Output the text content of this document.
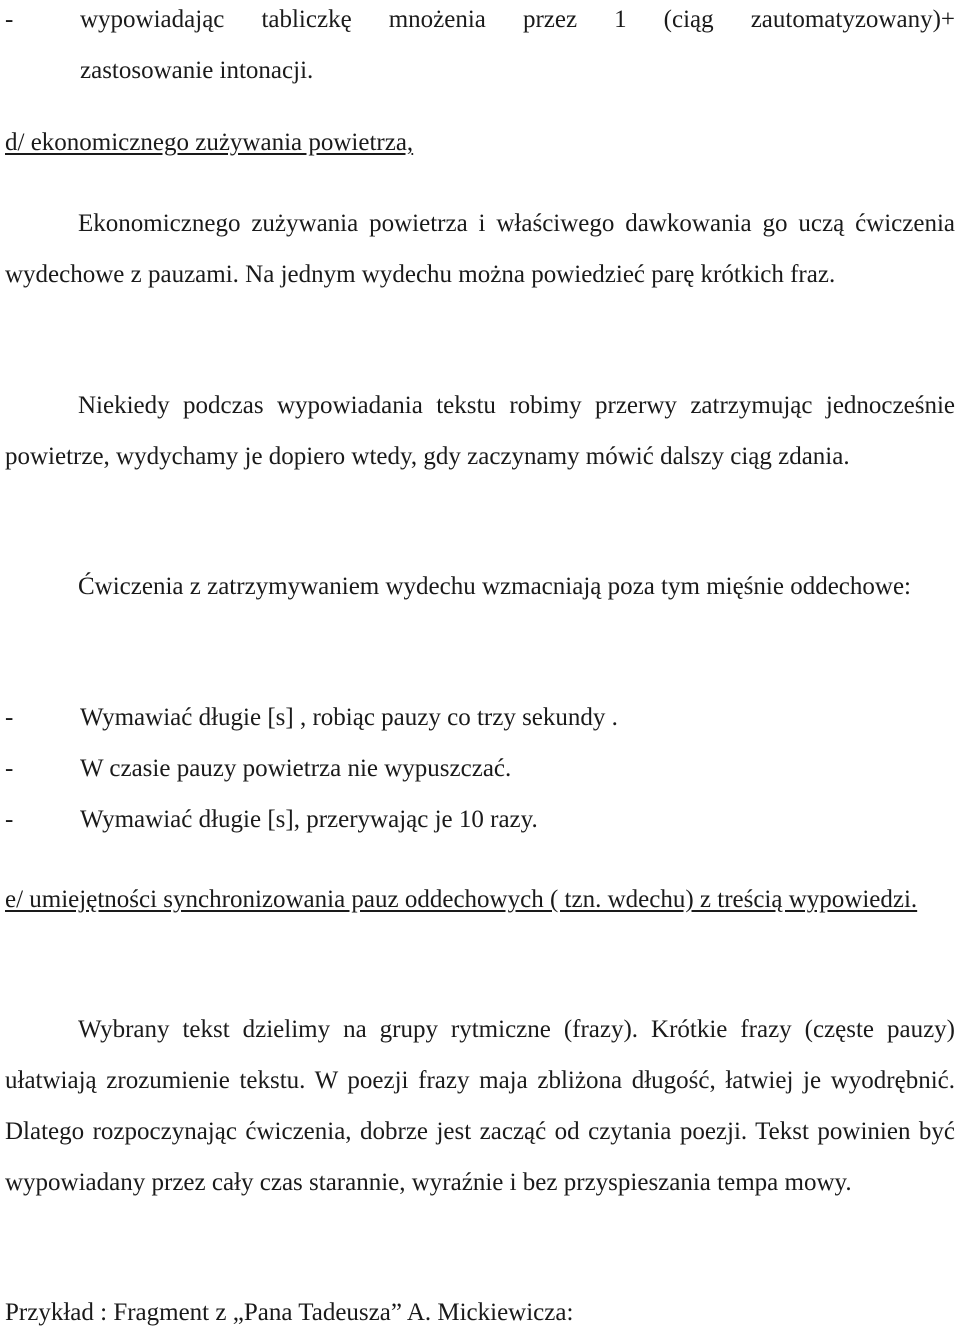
-	wypowiadając tabliczkę mnożenia przez 1 (ciąg zautomatyzowany)+
zastosowanie intonacji.
d/ ekonomicznego zużywania powietrza,
Ekonomicznego zużywania powietrza i właściwego dawkowania go uczą ćwiczenia wydechowe z pauzami. Na jednym wydechu można powiedzieć parę krótkich fraz.
Niekiedy podczas wypowiadania tekstu robimy przerwy zatrzymując jednocześnie powietrze, wydychamy je dopiero wtedy, gdy zaczynamy mówić dalszy ciąg zdania.
Ćwiczenia z zatrzymywaniem wydechu wzmacniają poza tym mięśnie oddechowe:
-	Wymawiać długie [s] , robiąc pauzy co trzy sekundy .
-	W czasie pauzy powietrza nie wypuszczać.
-	Wymawiać długie [s], przerywając je 10 razy.
e/ umiejętności synchronizowania pauz oddechowych ( tzn. wdechu) z treścią wypowiedzi.
Wybrany tekst dzielimy na grupy rytmiczne (frazy). Krótkie frazy (częste pauzy) ułatwiają zrozumienie tekstu. W poezji frazy maja zbliżona długość, łatwiej je wyodrębnić. Dlatego rozpoczynając ćwiczenia, dobrze jest zacząć od czytania poezji. Tekst powinien być wypowiadany przez cały czas starannie, wyraźnie i bez przyspieszania tempa mowy.
Przykład : Fragment z „Pana Tadeusza” A. Mickiewicza:
